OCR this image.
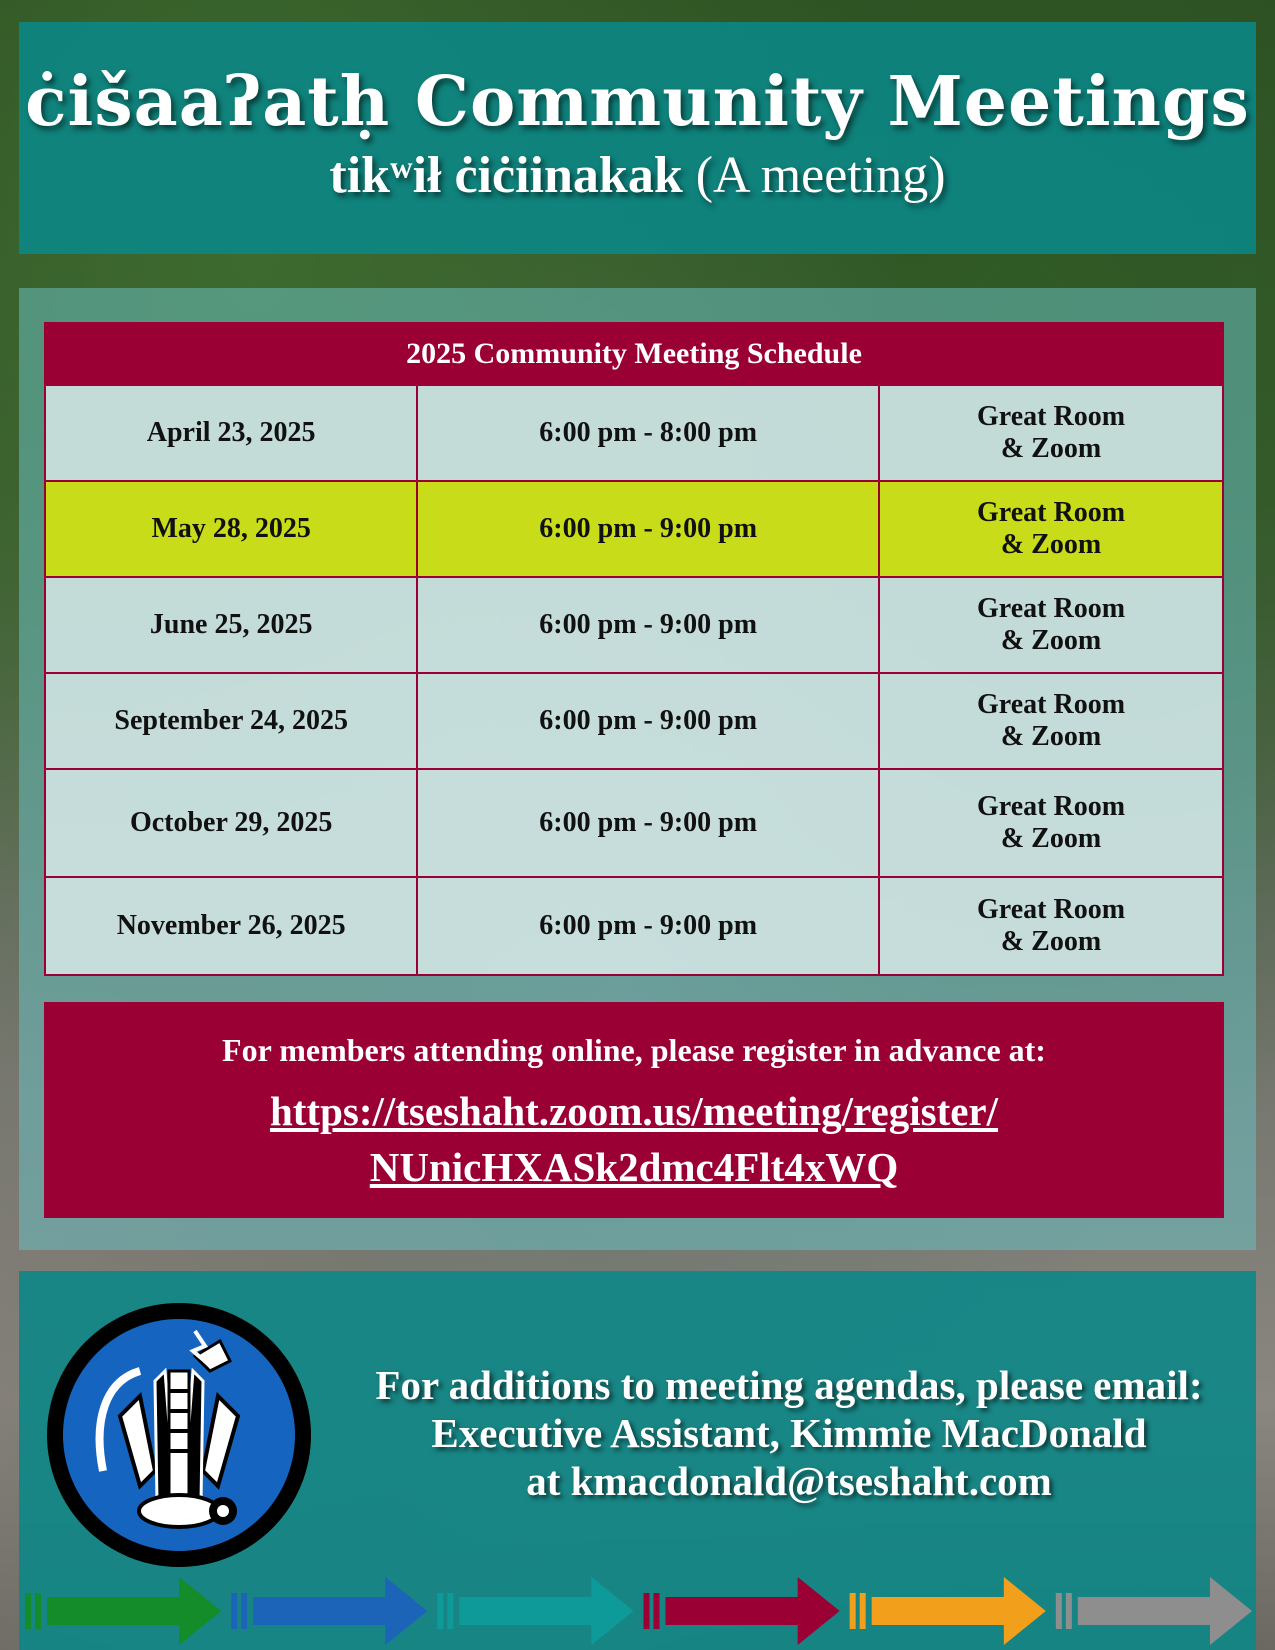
ċišaaʔatḥ Community Meetings
tikʷił ċiċiinakak (A meeting)
2025 Community Meeting Schedule		
April 23, 2025	6:00 pm - 8:00 pm	Great Room
& Zoom

May 28, 2025	6:00 pm - 9:00 pm	Great Room
& Zoom

June 25, 2025	6:00 pm - 9:00 pm	Great Room
& Zoom

September 24, 2025	6:00 pm - 9:00 pm	Great Room
& Zoom

October 29, 2025	6:00 pm - 9:00 pm	Great Room
& Zoom

November 26, 2025	6:00 pm - 9:00 pm	Great Room
& Zoom
For members attending online, please register in advance at:
https://tseshaht.zoom.us/meeting/register/
NUnicHXASk2dmc4Flt4xWQ
For additions to meeting agendas, please email:
Executive Assistant, Kimmie MacDonald
at kmacdonald@tseshaht.com
